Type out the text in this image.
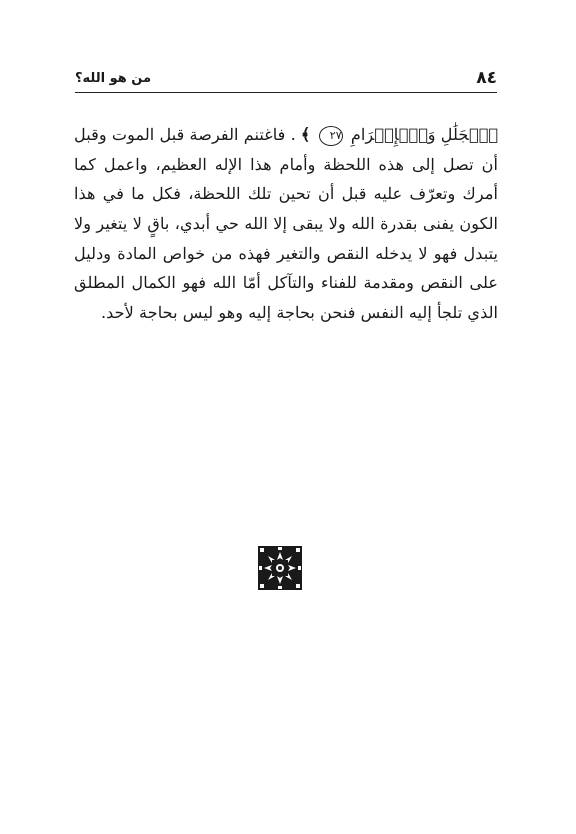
٨٤
من هو الله؟

ٱلۡجَلَٰلِ وَٱلۡإِكۡرَامِ ٢٧ ﴾ . فاغتنم الفرصة قبل الموت وقبل أن تصل إلى هذه اللحظة وأمام هذا الإله العظيم، واعمل كما أمرك وتعرّف عليه قبل أن تحين تلك اللحظة، فكل ما في هذا الكون يفنى بقدرة الله ولا يبقى إلا الله حي أبدي، باقٍ لا يتغير ولا يتبدل فهو لا يدخله النقص والتغير فهذه من خواص المادة ودليل على النقص ومقدمة للفناء والتآكل أمّا الله فهو الكمال المطلق الذي تلجأ إليه النفس فنحن بحاجة إليه وهو ليس بحاجة لأحد.
